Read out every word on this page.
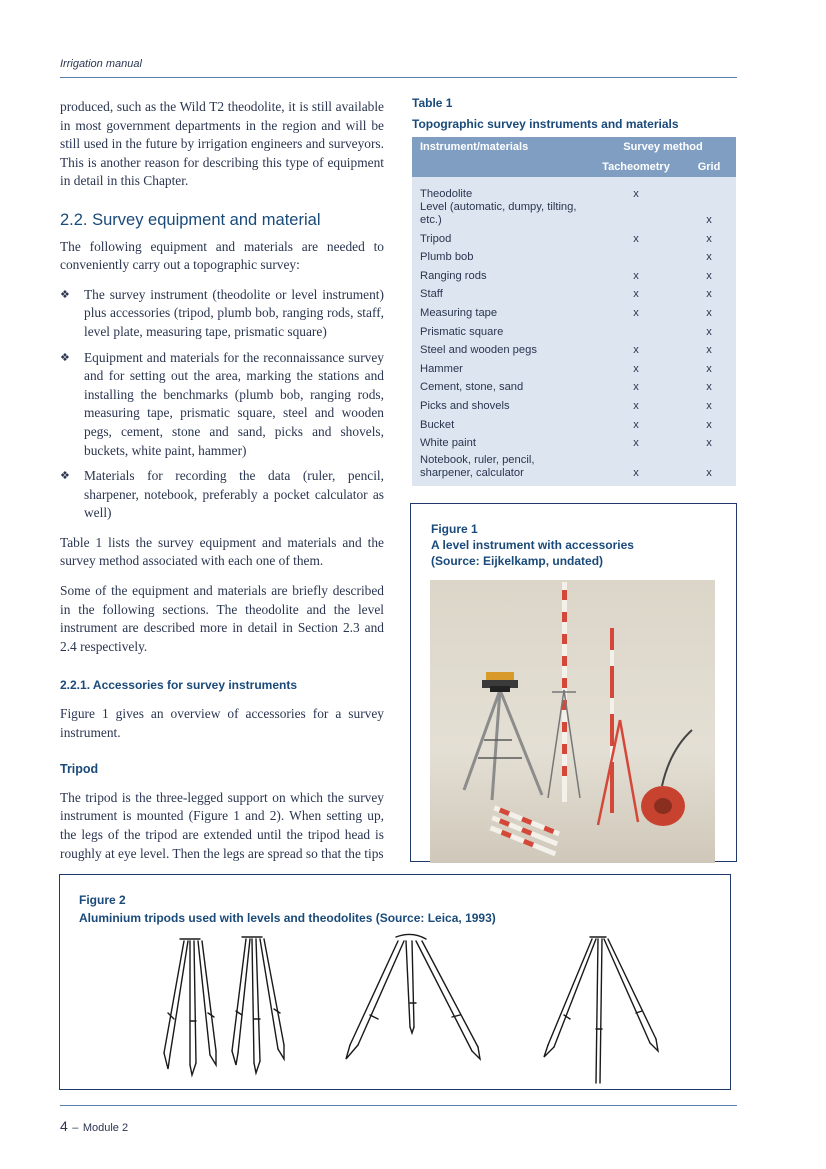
Irrigation manual

produced, such as the Wild T2 theodolite, it is still available in most government departments in the region and will be still used in the future by irrigation engineers and surveyors. This is another reason for describing this type of equipment in detail in this Chapter.

2.2. Survey equipment and material

The following equipment and materials are needed to conveniently carry out a topographic survey:

❖ The survey instrument (theodolite or level instrument) plus accessories (tripod, plumb bob, ranging rods, staff, level plate, measuring tape, prismatic square)
❖ Equipment and materials for the reconnaissance survey and for setting out the area, marking the stations and installing the benchmarks (plumb bob, ranging rods, measuring tape, prismatic square, steel and wooden pegs, cement, stone and sand, picks and shovels, buckets, white paint, hammer)
❖ Materials for recording the data (ruler, pencil, sharpener, notebook, preferably a pocket calculator as well)

Table 1 lists the survey equipment and materials and the survey method associated with each one of them.

Some of the equipment and materials are briefly described in the following sections. The theodolite and the level instrument are described more in detail in Section 2.3 and 2.4 respectively.

2.2.1. Accessories for survey instruments

Figure 1 gives an overview of accessories for a survey instrument.

Tripod

The tripod is the three-legged support on which the survey instrument is mounted (Figure 1 and 2). When setting up, the legs of the tripod are extended until the tripod head is roughly at eye level. Then the legs are spread so that the tips

Table 1
Topographic survey instruments and materials
Instrument/materials	Survey method	
	Tacheometry	Grid
Theodolite	x	
Level (automatic, dumpy, tilting, etc.)		x
Tripod	x	x
Plumb bob		x
Ranging rods	x	x
Staff	x	x
Measuring tape	x	x
Prismatic square		x
Steel and wooden pegs	x	x
Hammer	x	x
Cement, stone, sand	x	x
Picks and shovels	x	x
Bucket	x	x
White paint	x	x
Notebook, ruler, pencil, sharpener, calculator	x	x
Figure 1
A level instrument with accessories
(Source: Eijkelkamp, undated)
Figure 2
Aluminium tripods used with levels and theodolites (Source: Leica, 1993)
4 – Module 2
